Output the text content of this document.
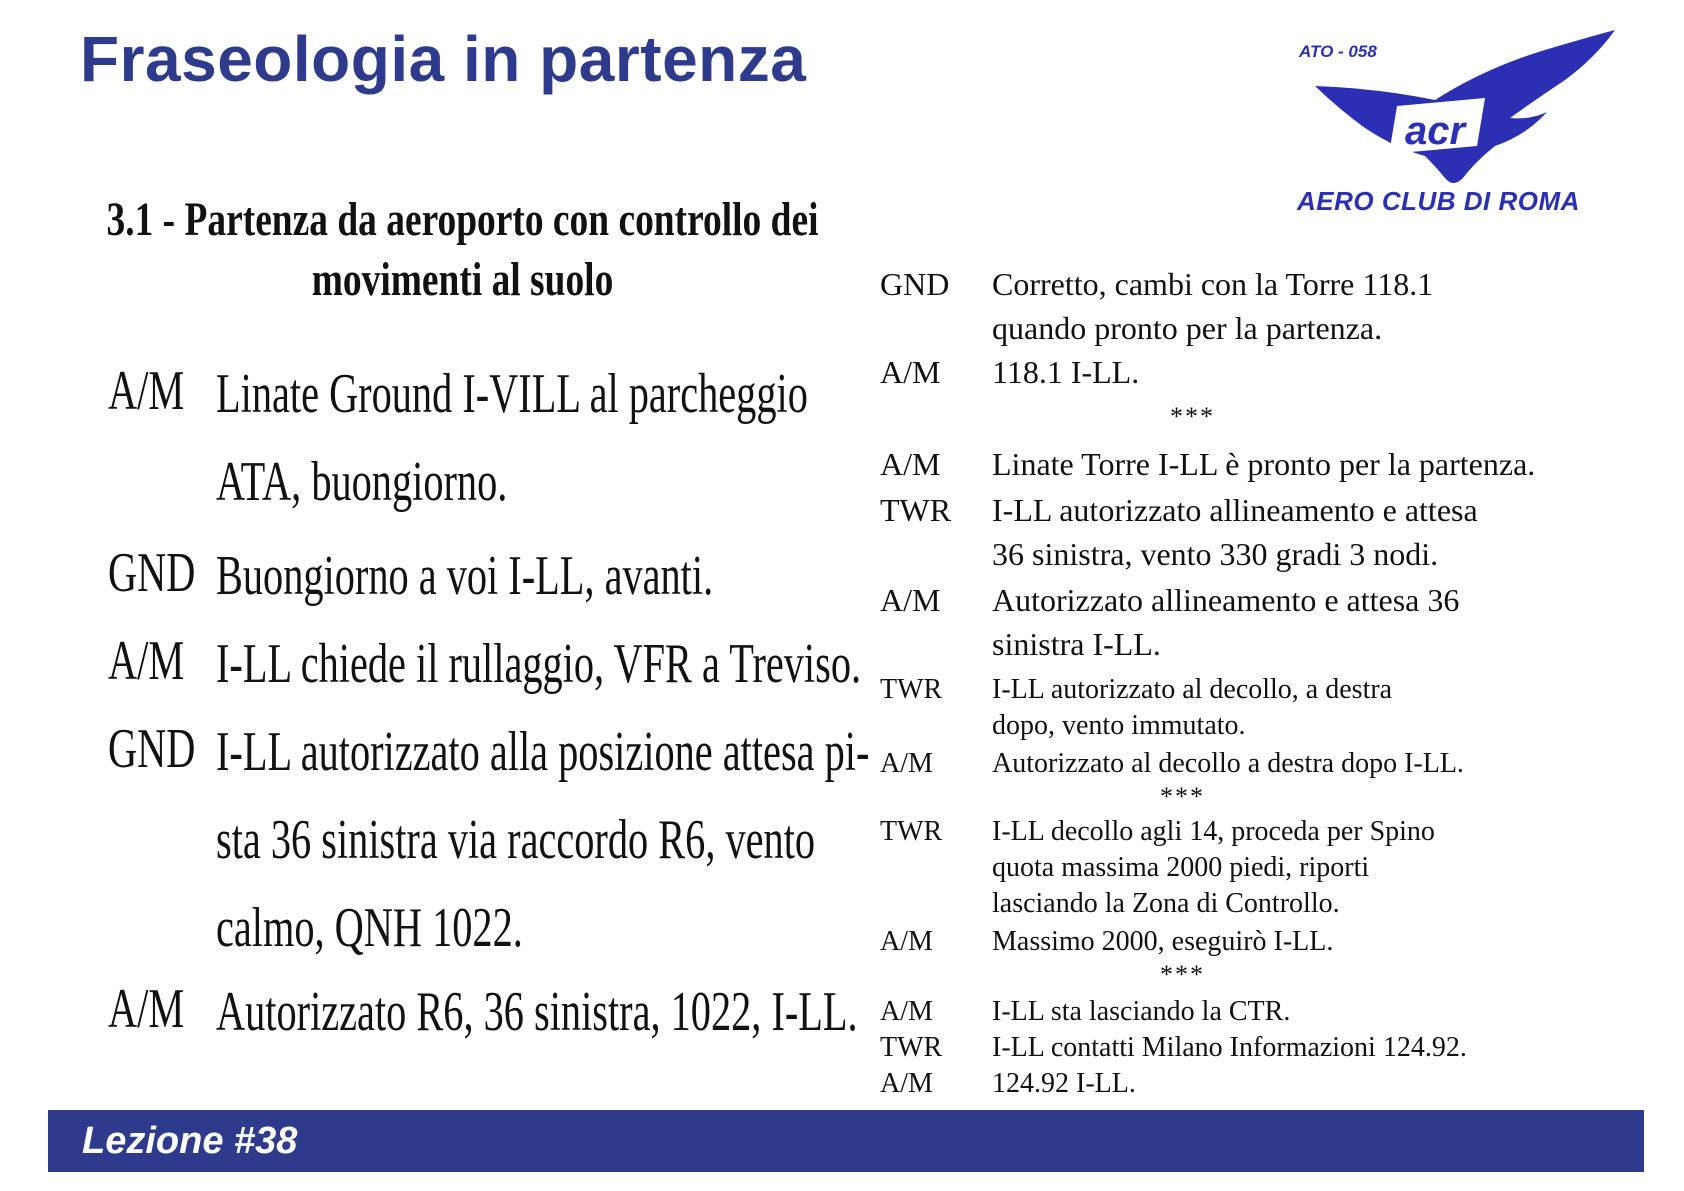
Fraseologia in partenza
acr
ATO - 058
AERO CLUB DI ROMA
3.1 - Partenza da aeroporto con controllo dei
movimenti al suolo
A/M Linate Ground I-VILL al parcheggio
ATA, buongiorno.
GND Buongiorno a voi I-LL, avanti.
A/M I-LL chiede il rullaggio, VFR a Treviso.
GND I-LL autorizzato alla posizione attesa pi-
sta 36 sinistra via raccordo R6, vento
calmo, QNH 1022.
A/M Autorizzato R6, 36 sinistra, 1022, I-LL.
GND Corretto, cambi con la Torre 118.1
quando pronto per la partenza.
A/M 118.1 I-LL.
***
A/M Linate Torre I-LL è pronto per la partenza.
TWR I-LL autorizzato allineamento e attesa
36 sinistra, vento 330 gradi 3 nodi.
A/M Autorizzato allineamento e attesa 36
sinistra I-LL.
TWR I-LL autorizzato al decollo, a destra
dopo, vento immutato.
A/M Autorizzato al decollo a destra dopo I-LL.
***
TWR I-LL decollo agli 14, proceda per Spino
quota massima 2000 piedi, riporti
lasciando la Zona di Controllo.
A/M Massimo 2000, eseguirò I-LL.
***
A/M I-LL sta lasciando la CTR.
TWR I-LL contatti Milano Informazioni 124.92.
A/M 124.92 I-LL.
Lezione #38
